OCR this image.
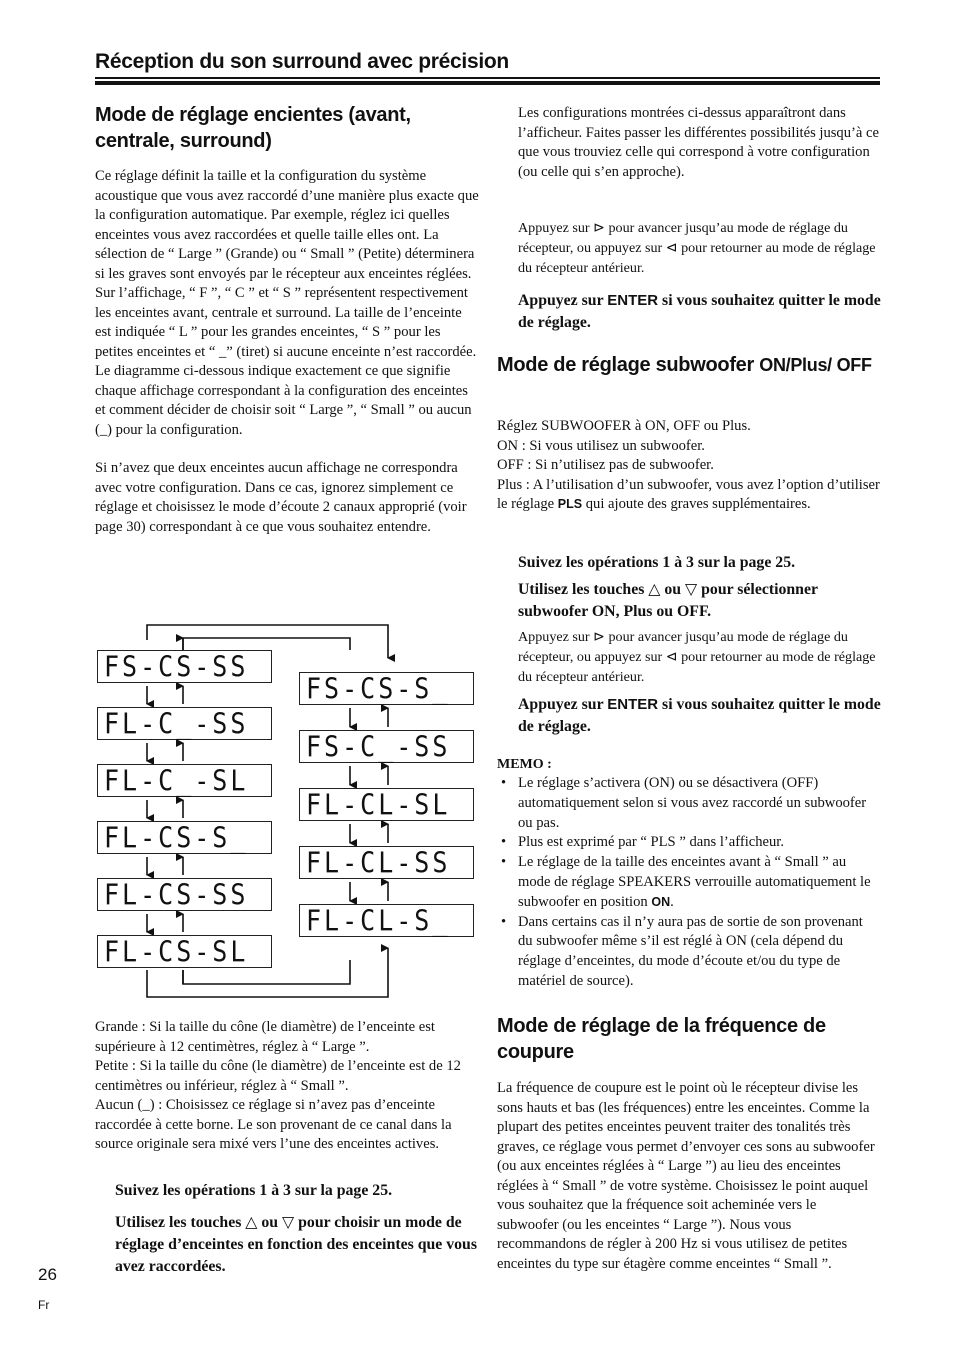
Réception du son surround avec précision
Mode de réglage encientes (avant, centrale, surround)

Ce réglage définit la taille et la configuration du système acoustique que vous avez raccordé d’une manière plus exacte que la configuration automatique. Par exemple, réglez ici quelles enceintes vous avez raccordées et quelle taille elles ont. La sélection de “ Large ” (Grande) ou “ Small ” (Petite) déterminera si les graves sont envoyés par le récepteur aux enceintes réglées.

Sur l’affichage, “ F ”, “ C ” et “ S ” représentent respectivement les enceintes avant, centrale et surround. La taille de l’enceinte est indiquée “ L ” pour les grandes enceintes, “ S ” pour les petites enceintes et “ _” (tiret) si aucune enceinte n’est raccordée.

Le diagramme ci-dessous indique exactement ce que signifie chaque affichage correspondant à la configuration des enceintes et comment décider de choisir soit “ Large ”, “ Small ” ou aucun (_) pour la configuration.

Si n’avez que deux enceintes aucun affichage ne correspondra avec votre configuration. Dans ce cas, ignorez simplement ce réglage et choisissez le mode d’écoute 2 canaux approprié (voir page 30) correspondant à ce que vous souhaitez entendre.

FS-CS-SS
FL-C_-SS
FL-C_-SL
FL-CS-S_
FL-CS-SS
FL-CS-SL
FS-CS-S_
FS-C_-SS
FL-CL-SL
FL-CL-SS
FL-CL-S_

Grande : Si la taille du cône (le diamètre) de l’enceinte est supérieure à 12 centimètres, réglez à “ Large ”.

Petite : Si la taille du cône (le diamètre) de l’enceinte est de 12 centimètres ou inférieur, réglez à “ Small ”.

Aucun (_) : Choisissez ce réglage si n’avez pas d’enceinte raccordée à cette borne. Le son provenant de ce canal dans la source originale sera mixé vers l’une des enceintes actives.

Suivez les opérations 1 à 3 sur la page 25.
Utilisez les touches △ ou ▽ pour choisir un mode de réglage d’enceintes en fonction des enceintes que vous avez raccordées.

Les configurations montrées ci-dessus apparaîtront dans l’afficheur. Faites passer les différentes possibilités jusqu’à ce que vous trouviez celle qui correspond à votre configuration (ou celle qui s’en approche).

Appuyez sur ⊳ pour avancer jusqu’au mode de réglage du récepteur, ou appuyez sur ⊲ pour retourner au mode de réglage du récepteur antérieur.

Appuyez sur ENTER si vous souhaitez quitter le mode de réglage.

Mode de réglage subwoofer ON/Plus/ OFF

Réglez SUBWOOFER à ON, OFF ou Plus.

ON : Si vous utilisez un subwoofer.

OFF : Si n’utilisez pas de subwoofer.

Plus : A l’utilisation d’un subwoofer, vous avez l’option d’utiliser le réglage PLS qui ajoute des graves supplémentaires.

Suivez les opérations 1 à 3 sur la page 25.
Utilisez les touches △ ou ▽ pour sélectionner subwoofer ON, Plus ou OFF.

Appuyez sur ⊳ pour avancer jusqu’au mode de réglage du récepteur, ou appuyez sur ⊲ pour retourner au mode de réglage du récepteur antérieur.

Appuyez sur ENTER si vous souhaitez quitter le mode de réglage.

MEMO :
• Le réglage s’activera (ON) ou se désactivera (OFF) automatiquement selon si vous avez raccordé un subwoofer ou pas.
• Plus est exprimé par “ PLS ” dans l’afficheur.
• Le réglage de la taille des enceintes avant à “ Small ” au mode de réglage SPEAKERS verrouille automatiquement le subwoofer en position ON.
• Dans certains cas il n’y aura pas de sortie de son provenant du subwoofer même s’il est réglé à ON (cela dépend du réglage d’enceintes, du mode d’écoute et/ou du type de matériel de source).
Mode de réglage de la fréquence de coupure

La fréquence de coupure est le point où le récepteur divise les sons hauts et bas (les fréquences) entre les enceintes. Comme la plupart des petites enceintes peuvent traiter des tonalités très graves, ce réglage vous permet d’envoyer ces sons au subwoofer (ou aux enceintes réglées à “ Large ”) au lieu des enceintes réglées à “ Small ” de votre système. Choisissez le point auquel vous souhaitez que la fréquence soit acheminée vers le subwoofer (ou les enceintes “ Large ”). Nous vous recommandons de régler à 200 Hz si vous utilisez de petites enceintes du type sur étagère comme enceintes “ Small ”.

26
Fr
